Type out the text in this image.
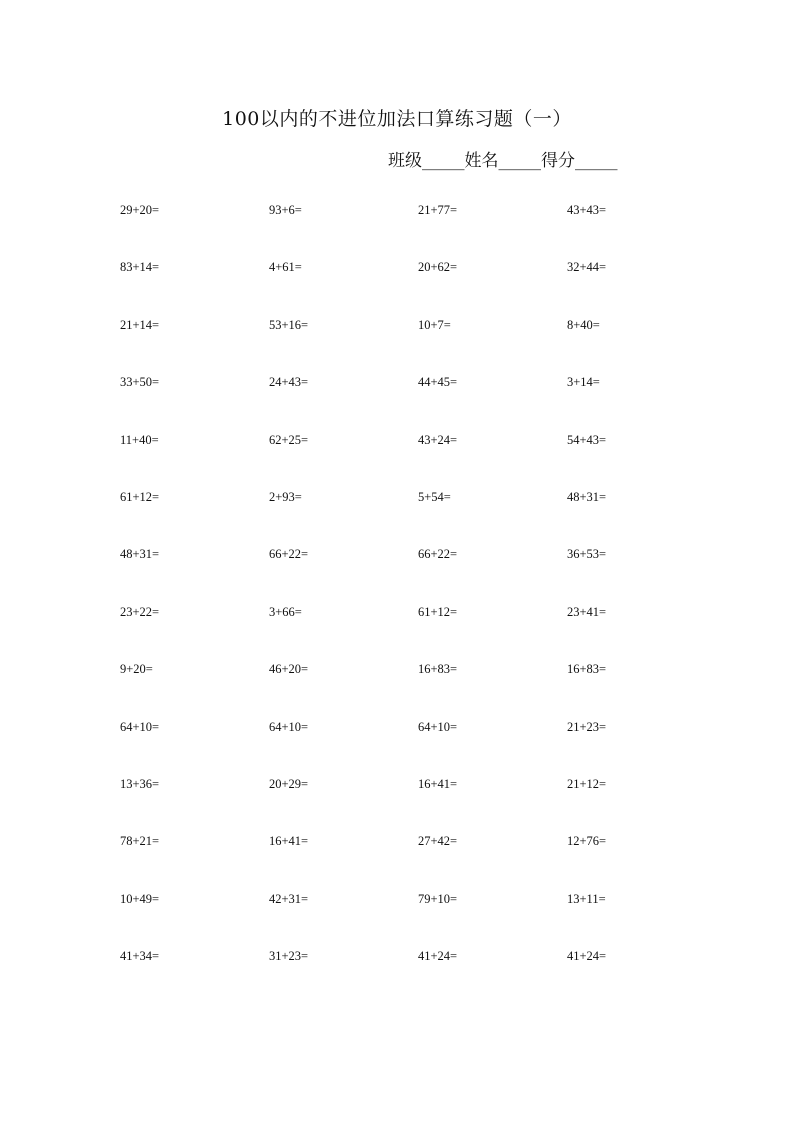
100以内的不进位加法口算练习题（一）
班级_____姓名_____得分_____
29+20=	93+6=	21+77=	43+43=
83+14=	4+61=	20+62=	32+44=
21+14=	53+16=	10+7=	8+40=
33+50=	24+43=	44+45=	3+14=
11+40=	62+25=	43+24=	54+43=
61+12=	2+93=	5+54=	48+31=
48+31=	66+22=	66+22=	36+53=
23+22=	3+66=	61+12=	23+41=
9+20=	46+20=	16+83=	16+83=
64+10=	64+10=	64+10=	21+23=
13+36=	20+29=	16+41=	21+12=
78+21=	16+41=	27+42=	12+76=
10+49=	42+31=	79+10=	13+11=
41+34=	31+23=	41+24=	41+24=
